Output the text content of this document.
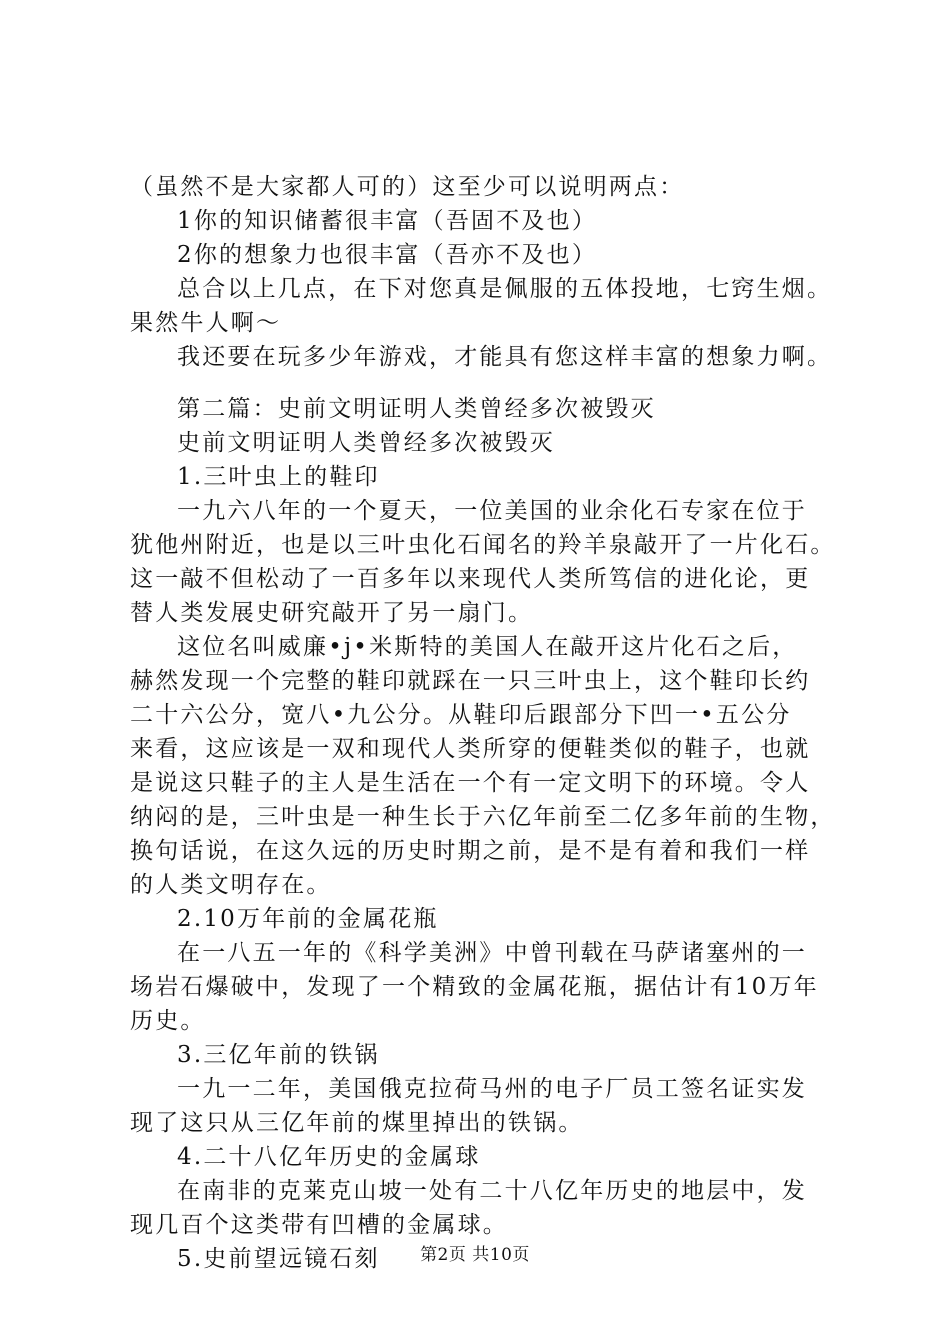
（虽然不是大家都人可的）这至少可以说明两点：
1你的知识储蓄很丰富（吾固不及也）
2你的想象力也很丰富（吾亦不及也）
总合以上几点，在下对您真是佩服的五体投地，七窍生烟。
果然牛人啊～
我还要在玩多少年游戏，才能具有您这样丰富的想象力啊。
第二篇：史前文明证明人类曾经多次被毁灭
史前文明证明人类曾经多次被毁灭
1.三叶虫上的鞋印
一九六八年的一个夏天，一位美国的业余化石专家在位于
犹他州附近，也是以三叶虫化石闻名的羚羊泉敲开了一片化石。
这一敲不但松动了一百多年以来现代人类所笃信的进化论，更
替人类发展史研究敲开了另一扇门。
这位名叫威廉•j•米斯特的美国人在敲开这片化石之后，
赫然发现一个完整的鞋印就踩在一只三叶虫上，这个鞋印长约
二十六公分，宽八•九公分。从鞋印后跟部分下凹一•五公分
来看，这应该是一双和现代人类所穿的便鞋类似的鞋子，也就
是说这只鞋子的主人是生活在一个有一定文明下的环境。令人
纳闷的是，三叶虫是一种生长于六亿年前至二亿多年前的生物，
换句话说，在这久远的历史时期之前，是不是有着和我们一样
的人类文明存在。
2.10万年前的金属花瓶
在一八五一年的《科学美洲》中曾刊载在马萨诸塞州的一
场岩石爆破中，发现了一个精致的金属花瓶，据估计有10万年
历史。
3.三亿年前的铁锅
一九一二年，美国俄克拉荷马州的电子厂员工签名证实发
现了这只从三亿年前的煤里掉出的铁锅。
4.二十八亿年历史的金属球
在南非的克莱克山坡一处有二十八亿年历史的地层中，发
现几百个这类带有凹槽的金属球。
5.史前望远镜石刻	第2页 共10页
